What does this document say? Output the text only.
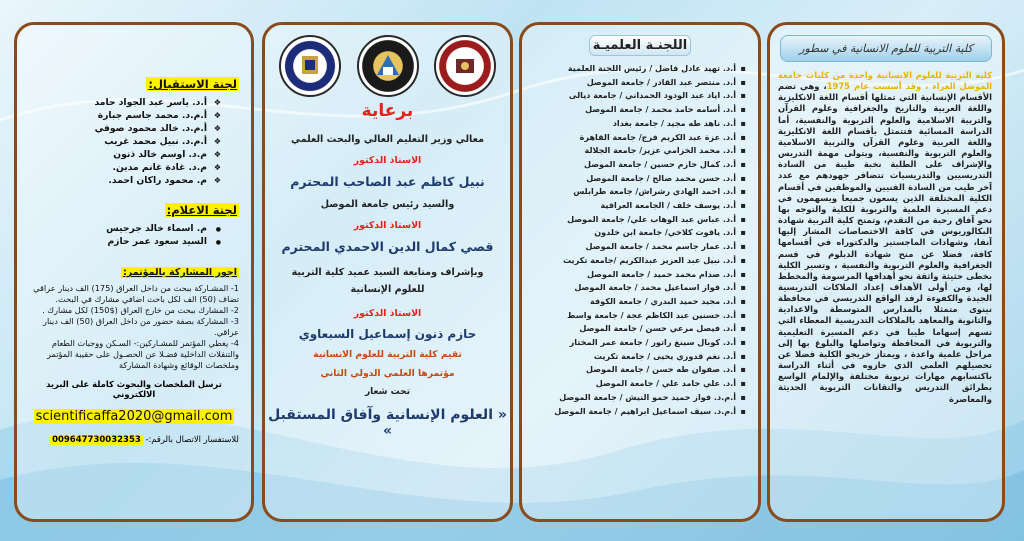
كلية التربية للعلوم الانسانية في سطور
كلية التربية للعلوم الانسانية واحدة من كليات جامعة الموصل الغراء ، وقد أسست عام 1975، وهي تضم الأقسام الإنسانية التي تمثلها أقسام اللغة الانكليزية واللغة العربية والتاريخ والجغرافية وعلوم القرآن والتربية الاسلامية والعلوم التربوية والنفسية، أما الدراسة المسائية فتتمثل بأقسام اللغة الانكليزية واللغة العربية وعلوم القرآن والتربية الاسلامية والعلوم التربوية والنفسية، ويتولى مهمة التدريس والإشراف على الطلبة نخبة طيبة من السادة التدريسيين والتدريسيات تتضافر جهودهم مع عدد آخر طيب من السادة الفنيين والموظفين في أقسام الكلية المختلفة الذين يسعون جميعا ويسهمون في دعم المسيرة العلمية والتربوية للكلية والتوجه بها نحو آفاق رحبة من التقدم، وتمنح كلية التربية شهادة البكالوريوس في كافة الاختصاصات المشار إليها آنفا، وشهادات الماجستير والدكتوراه في أقسامها كافة، فضلا عن منح شهادة الدبلوم في قسم الجغرافية والعلوم التربوية والنفسية ، وتسير الكلية بخطى حثيثة واثقة نحو أهدافها المرسومة والمخطط لها، ومن أولى الأهداف إعداد الملاكات التدريسية الجيدة والكفوءة لرفد الواقع التدريسي في محافظة نينوى متمثلا بالمدارس المتوسطة والاعدادية والثانوية والمعاهد بالملاكات التدريسية المعطاء التي تسهم إسهاما طيبا في دعم المسيرة التعليمية والتربوية في المحافظة وتواصلها والبلوغ بها إلى مراحل علمية واعدة ، ويمتاز خريجو الكلية فضلا عن تحصيلهم العلمي الذي حازوه في أثناء الدراسة باكتسابهم مهارات تربوية مختلفة والإلمام الواسع بطرائق التدريس والتقانات التربوية الحديثة والمعاصرة
اللجنـة العلميـة
▪ أ.د. تهيد عادل فاضل / رئيس اللجنة العلمية
▪ أ.د. منتصر عبد القادر / جامعة الموصل
▪ أ.د. اياد عبد الودود الحمداني / جامعة ديالى
▪ أ.د. أسامه حامد محمد / جامعة الموصل
▪ أ.د. ناهد طه مجيد / جامعة بغداد
▪ أ.د. عزة عبد الكريم فرج/ جامعة القاهرة
▪ أ.د. محمد الخزامي عزيز/ جامعة الجلالة
▪ أ.د. كمال حازم حسين / جامعة الموصل
▪ أ.د. حسن محمد صالح / جامعة الموصل
▪ أ.د. احمد الهادي رشراش/ جامعة طرابلس
▪ أ.د. يوسف خلف / الجامعة العراقية
▪ أ.د. عباس عبد الوهاب علي/ جامعة الموصل
▪ أ.د. ياقوت كلاخي/ جامعة ابن خلدون
▪ أ.د. عمار جاسم محمد / جامعة الموصل
▪ أ.د. نبيل عبد العزيز عبدالكريم /جامعة تكريت
▪ أ.د. صدام محمد حميد / جامعة الموصل
▪ أ.د. فواز اسماعيل محمد / جامعة الموصل
▪ أ.د. مجيد حميد البدري / جامعة الكوفة
▪ أ.د. حسنين عبد الكاظم عجة / جامعة واسط
▪ أ.د. فيصل مرعي حسن / جامعة الموصل
▪ أ.د. كوبال سينغ راتور / جامعة عمر المختار
▪ أ.د. نغم قدوري يحيى / جامعة تكريت
▪ أ.د. صفوان طه حسن / جامعة الموصل
▪ أ.د. علي حامد علي / جامعة الموصل
▪ أ.م.د. فواز حميد حمو النيش / جامعة الموصل
▪ أ.م.د. سيف اسماعيل ابراهيم / جامعة الموصل
برعاية
معالي وزير التعليم العالي والبحث العلمي
الاستاذ الدكتور
نبيل كاظم عبد الصاحب المحترم
والسيد رئيس جامعة الموصل
الاستاذ الدكتور
قصي كمال الدين الاحمدي المحترم
وبإشراف ومتابعة السيد عميد كلية التربية للعلوم الإنسانية
الاستاذ الدكتور
حازم ذنون إسماعيل السبعاوي
تقيم كلية التربية للعلوم الانسانية
مؤتمرها العلمي الدولي الثاني
تحت شعار
« العلوم الإنسانية وآفاق المستقبل »
لجنة الاستقبال:
❖ أ.د. ياسر عبد الجواد حامد
❖ أ.م.د. محمد جاسم جبارة
❖ أ.م.د. خالد محمود صوفي
❖ أ.م.د. نبيل محمد غريب
❖ م.د. اوسم خالد ذنون
❖ م.د. غادة غانم مدين.
❖ م. محمود راكان احمد.
لجنة الاعلام:
● م. اسماء خالد جرجيس
● السيد سعود عمر حازم
اجور المشاركة بالمؤتمر:
1- المشـاركة ببحث من داخل العراق (175) الف دينار عراقي تضاف (50) الف لكل باحث اضافي مشارك في البحث.
2- المشارك ببحث من خارج العراق ($150) لكل مشارك .
3- المشاركة بصفة حضور من داخل العراق (50) الف دينار عراقي.
4- يغطي المؤتمر للمشـاركين:- السـكن ووجبات الطعام والتنقلات الداخلية فضـلا عن الحصـول على حقيبة المؤتمر وملخصات الوقائع وشهادة المشاركة
ترسل الملخصات والبحوث كاملة على البريد الالكتروني
scientificaffa2020@gmail.com
للاستفسار الاتصال بالرقم:- 009647730032353
